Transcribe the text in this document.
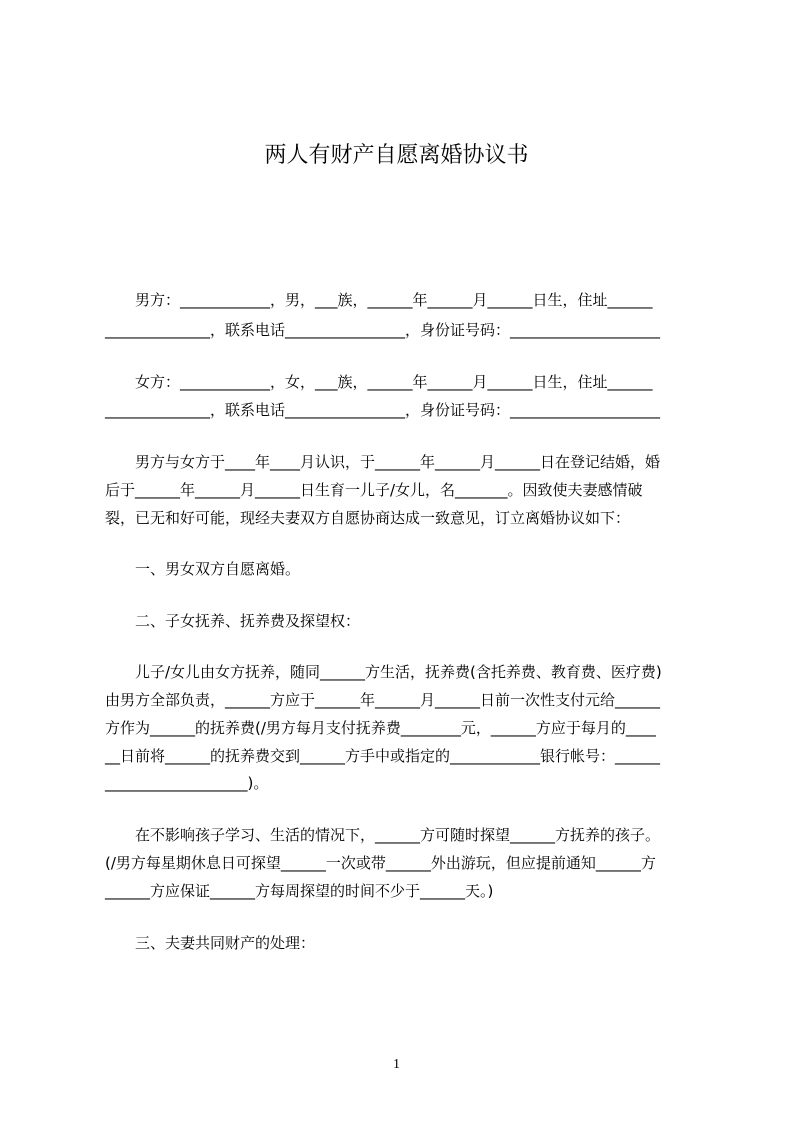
两人有财产自愿离婚协议书
　　男方：____________，男，___族，______年______月______日生，住址______
______________，联系电话________________，身份证号码：____________________
　　女方：____________，女，___族，______年______月______日生，住址______
______________，联系电话________________，身份证号码：____________________
　　男方与女方于____年____月认识，于______年______月______日在登记结婚，婚
后于______年______月______日生育一儿子/女儿，名_______。因致使夫妻感情破
裂，已无和好可能，现经夫妻双方自愿协商达成一致意见，订立离婚协议如下：
　　一、男女双方自愿离婚。
　　二、子女抚养、抚养费及探望权：
　　儿子/女儿由女方抚养，随同______方生活，抚养费(含托养费、教育费、医疗费)
由男方全部负责，______方应于______年______月______日前一次性支付元给______
方作为______的抚养费(/男方每月支付抚养费________元，______方应于每月的____
__日前将______的抚养费交到______方手中或指定的____________银行帐号：______
___________________)。
　　在不影响孩子学习、生活的情况下，______方可随时探望______方抚养的孩子。
(/男方每星期休息日可探望______一次或带______外出游玩，但应提前通知______方
______方应保证______方每周探望的时间不少于______天。)
　　三、夫妻共同财产的处理：
1
